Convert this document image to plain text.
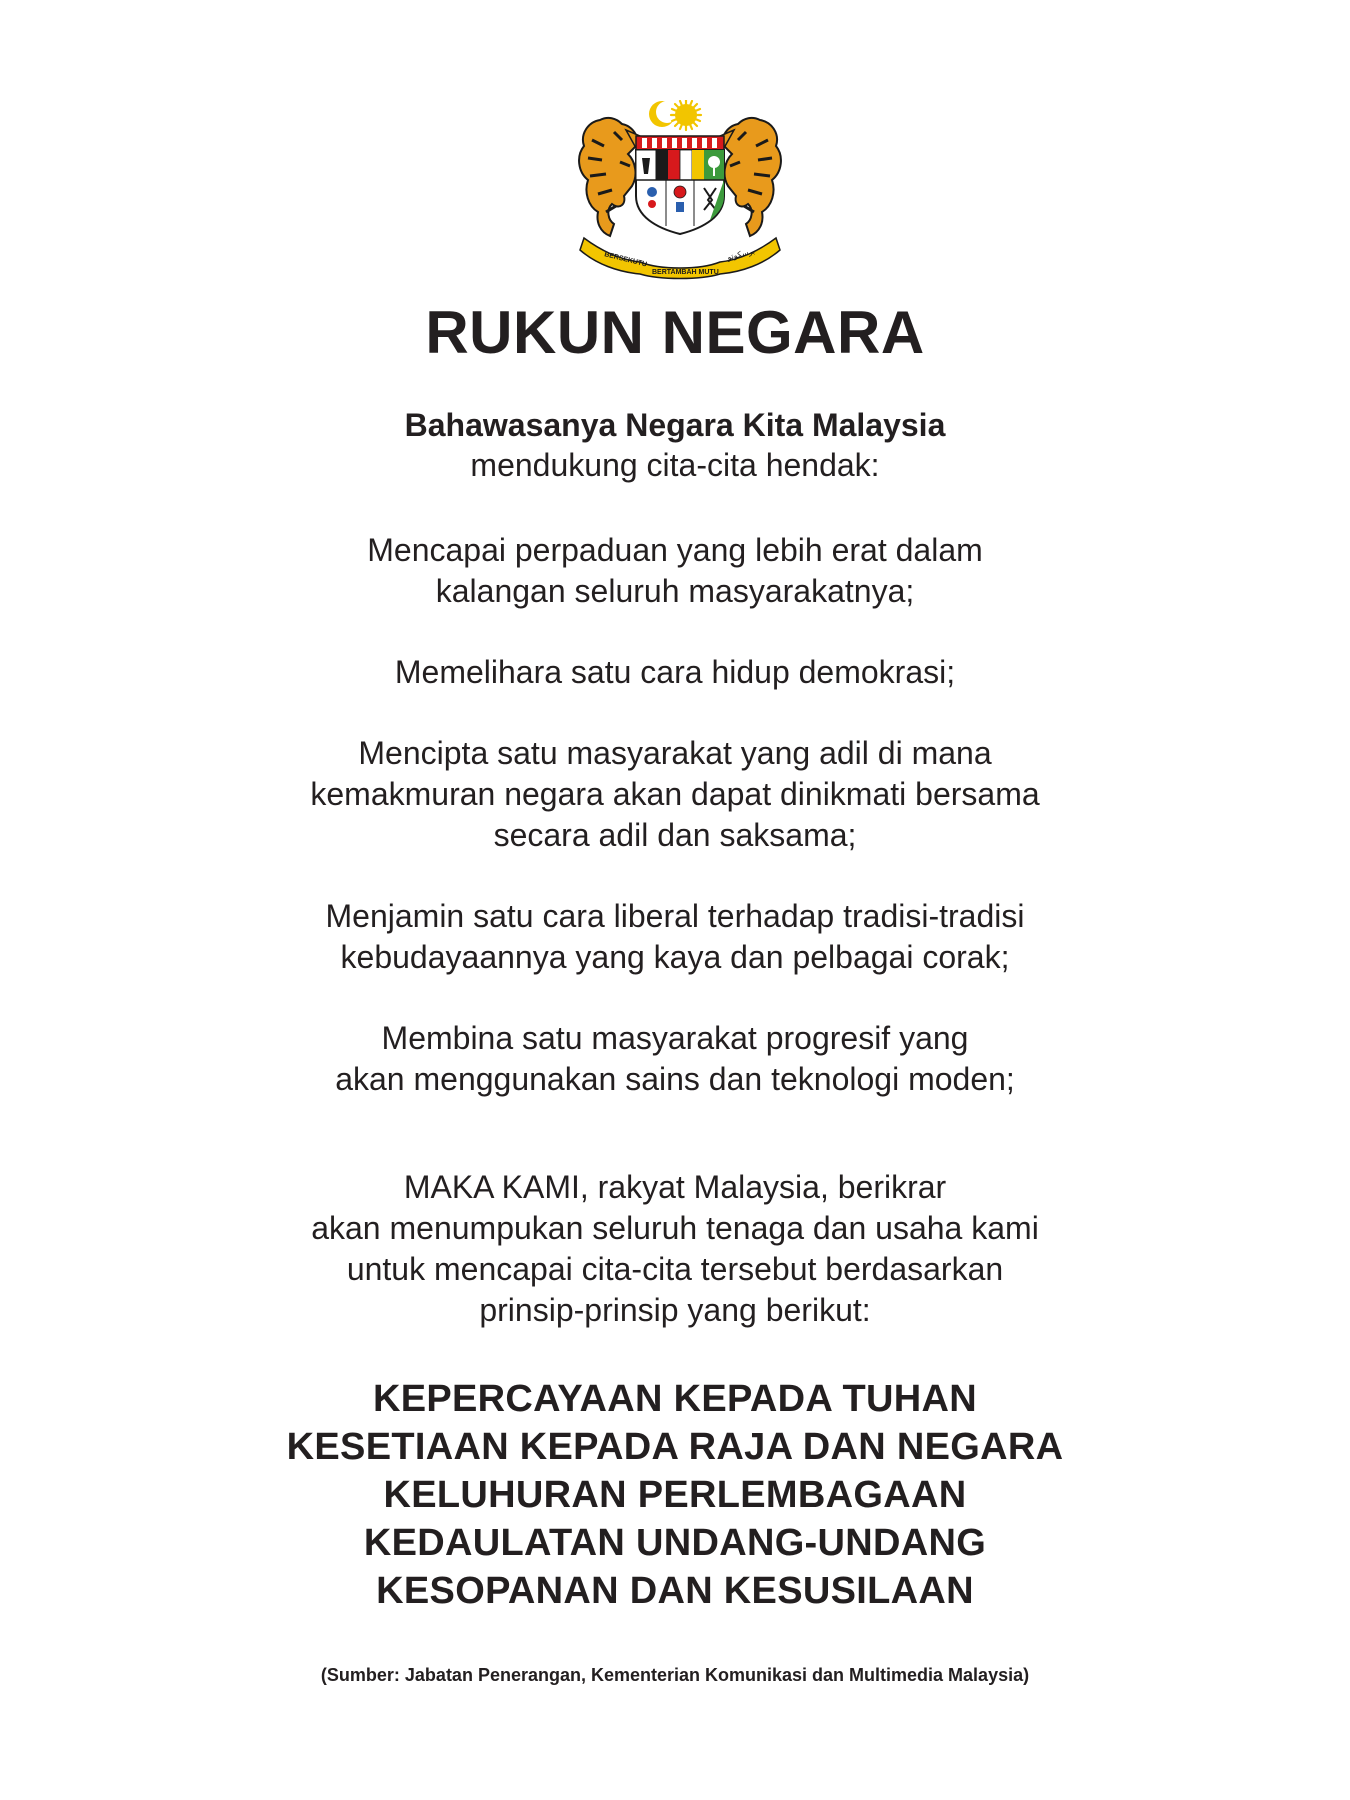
BERSEKUTU
BERTAMBAH MUTU
برسکوتو
RUKUN NEGARA
Bahawasanya Negara Kita Malaysia
mendukung cita-cita hendak:
Mencapai perpaduan yang lebih erat dalam
kalangan seluruh masyarakatnya;
Memelihara satu cara hidup demokrasi;
Mencipta satu masyarakat yang adil di mana
kemakmuran negara akan dapat dinikmati bersama
secara adil dan saksama;
Menjamin satu cara liberal terhadap tradisi-tradisi
kebudayaannya yang kaya dan pelbagai corak;
Membina satu masyarakat progresif yang
akan menggunakan sains dan teknologi moden;
MAKA KAMI, rakyat Malaysia, berikrar
akan menumpukan seluruh tenaga dan usaha kami
untuk mencapai cita-cita tersebut berdasarkan
prinsip-prinsip yang berikut:
KEPERCAYAAN KEPADA TUHAN
KESETIAAN KEPADA RAJA DAN NEGARA
KELUHURAN PERLEMBAGAAN
KEDAULATAN UNDANG-UNDANG
KESOPANAN DAN KESUSILAAN
(Sumber: Jabatan Penerangan, Kementerian Komunikasi dan Multimedia Malaysia)
